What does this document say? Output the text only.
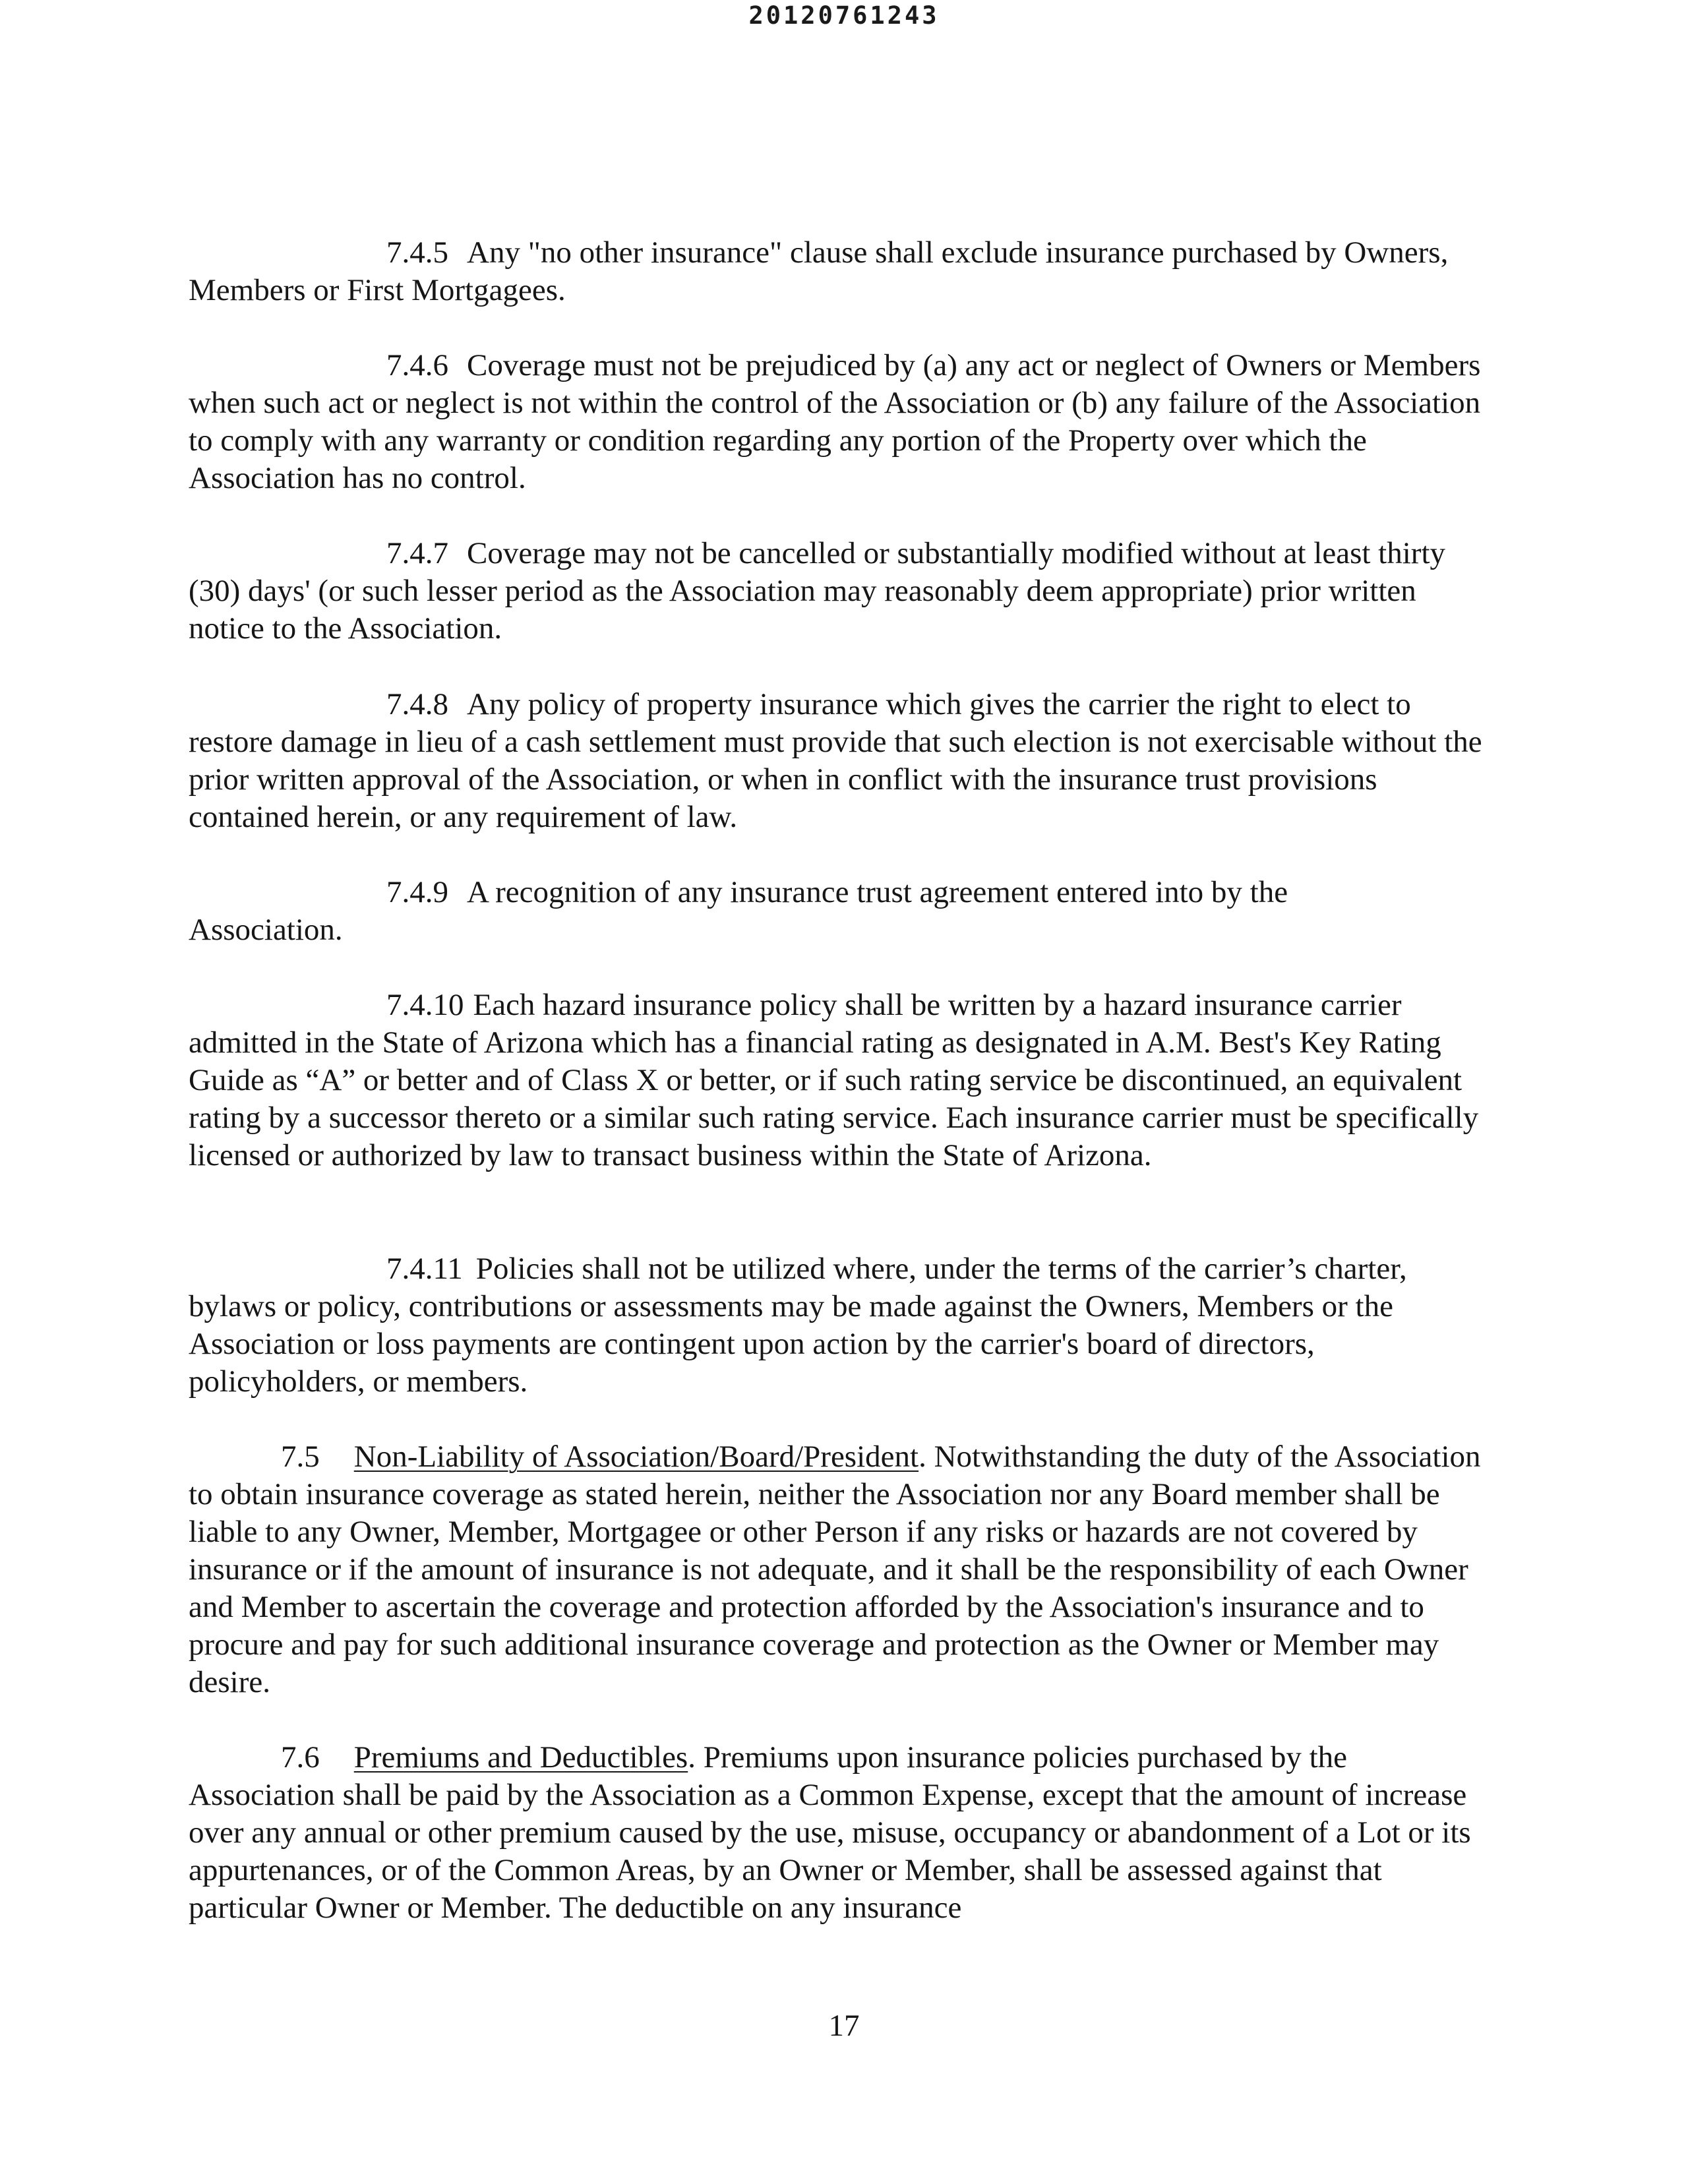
20120761243

7.4.5 Any "no other insurance" clause shall exclude insurance purchased by Owners, Members or First Mortgagees.

7.4.6 Coverage must not be prejudiced by (a) any act or neglect of Owners or Members when such act or neglect is not within the control of the Association or (b) any failure of the Association to comply with any warranty or condition regarding any portion of the Property over which the Association has no control.

7.4.7 Coverage may not be cancelled or substantially modified without at least thirty (30) days' (or such lesser period as the Association may reasonably deem appropriate) prior written notice to the Association.

7.4.8 Any policy of property insurance which gives the carrier the right to elect to restore damage in lieu of a cash settlement must provide that such election is not exercisable without the prior written approval of the Association, or when in conflict with the insurance trust provisions contained herein, or any requirement of law.

7.4.9 A recognition of any insurance trust agreement entered into by the
Association.

7.4.10 Each hazard insurance policy shall be written by a hazard insurance carrier admitted in the State of Arizona which has a financial rating as designated in A.M. Best's Key Rating Guide as “A” or better and of Class X or better, or if such rating service be discontinued, an equivalent rating by a successor thereto or a similar such rating service. Each insurance carrier must be specifically licensed or authorized by law to transact business within the State of Arizona.

7.4.11 Policies shall not be utilized where, under the terms of the carrier’s charter, bylaws or policy, contributions or assessments may be made against the Owners, Members or the Association or loss payments are contingent upon action by the carrier's board of directors, policyholders, or members.

7.5 Non-Liability of Association/Board/President. Notwithstanding the duty of the Association to obtain insurance coverage as stated herein, neither the Association nor any Board member shall be liable to any Owner, Member, Mortgagee or other Person if any risks or hazards are not covered by insurance or if the amount of insurance is not adequate, and it shall be the responsibility of each Owner and Member to ascertain the coverage and protection afforded by the Association's insurance and to procure and pay for such additional insurance coverage and protection as the Owner or Member may desire.

7.6 Premiums and Deductibles. Premiums upon insurance policies purchased by the Association shall be paid by the Association as a Common Expense, except that the amount of increase over any annual or other premium caused by the use, misuse, occupancy or abandonment of a Lot or its appurtenances, or of the Common Areas, by an Owner or Member, shall be assessed against that particular Owner or Member. The deductible on any insurance

17
